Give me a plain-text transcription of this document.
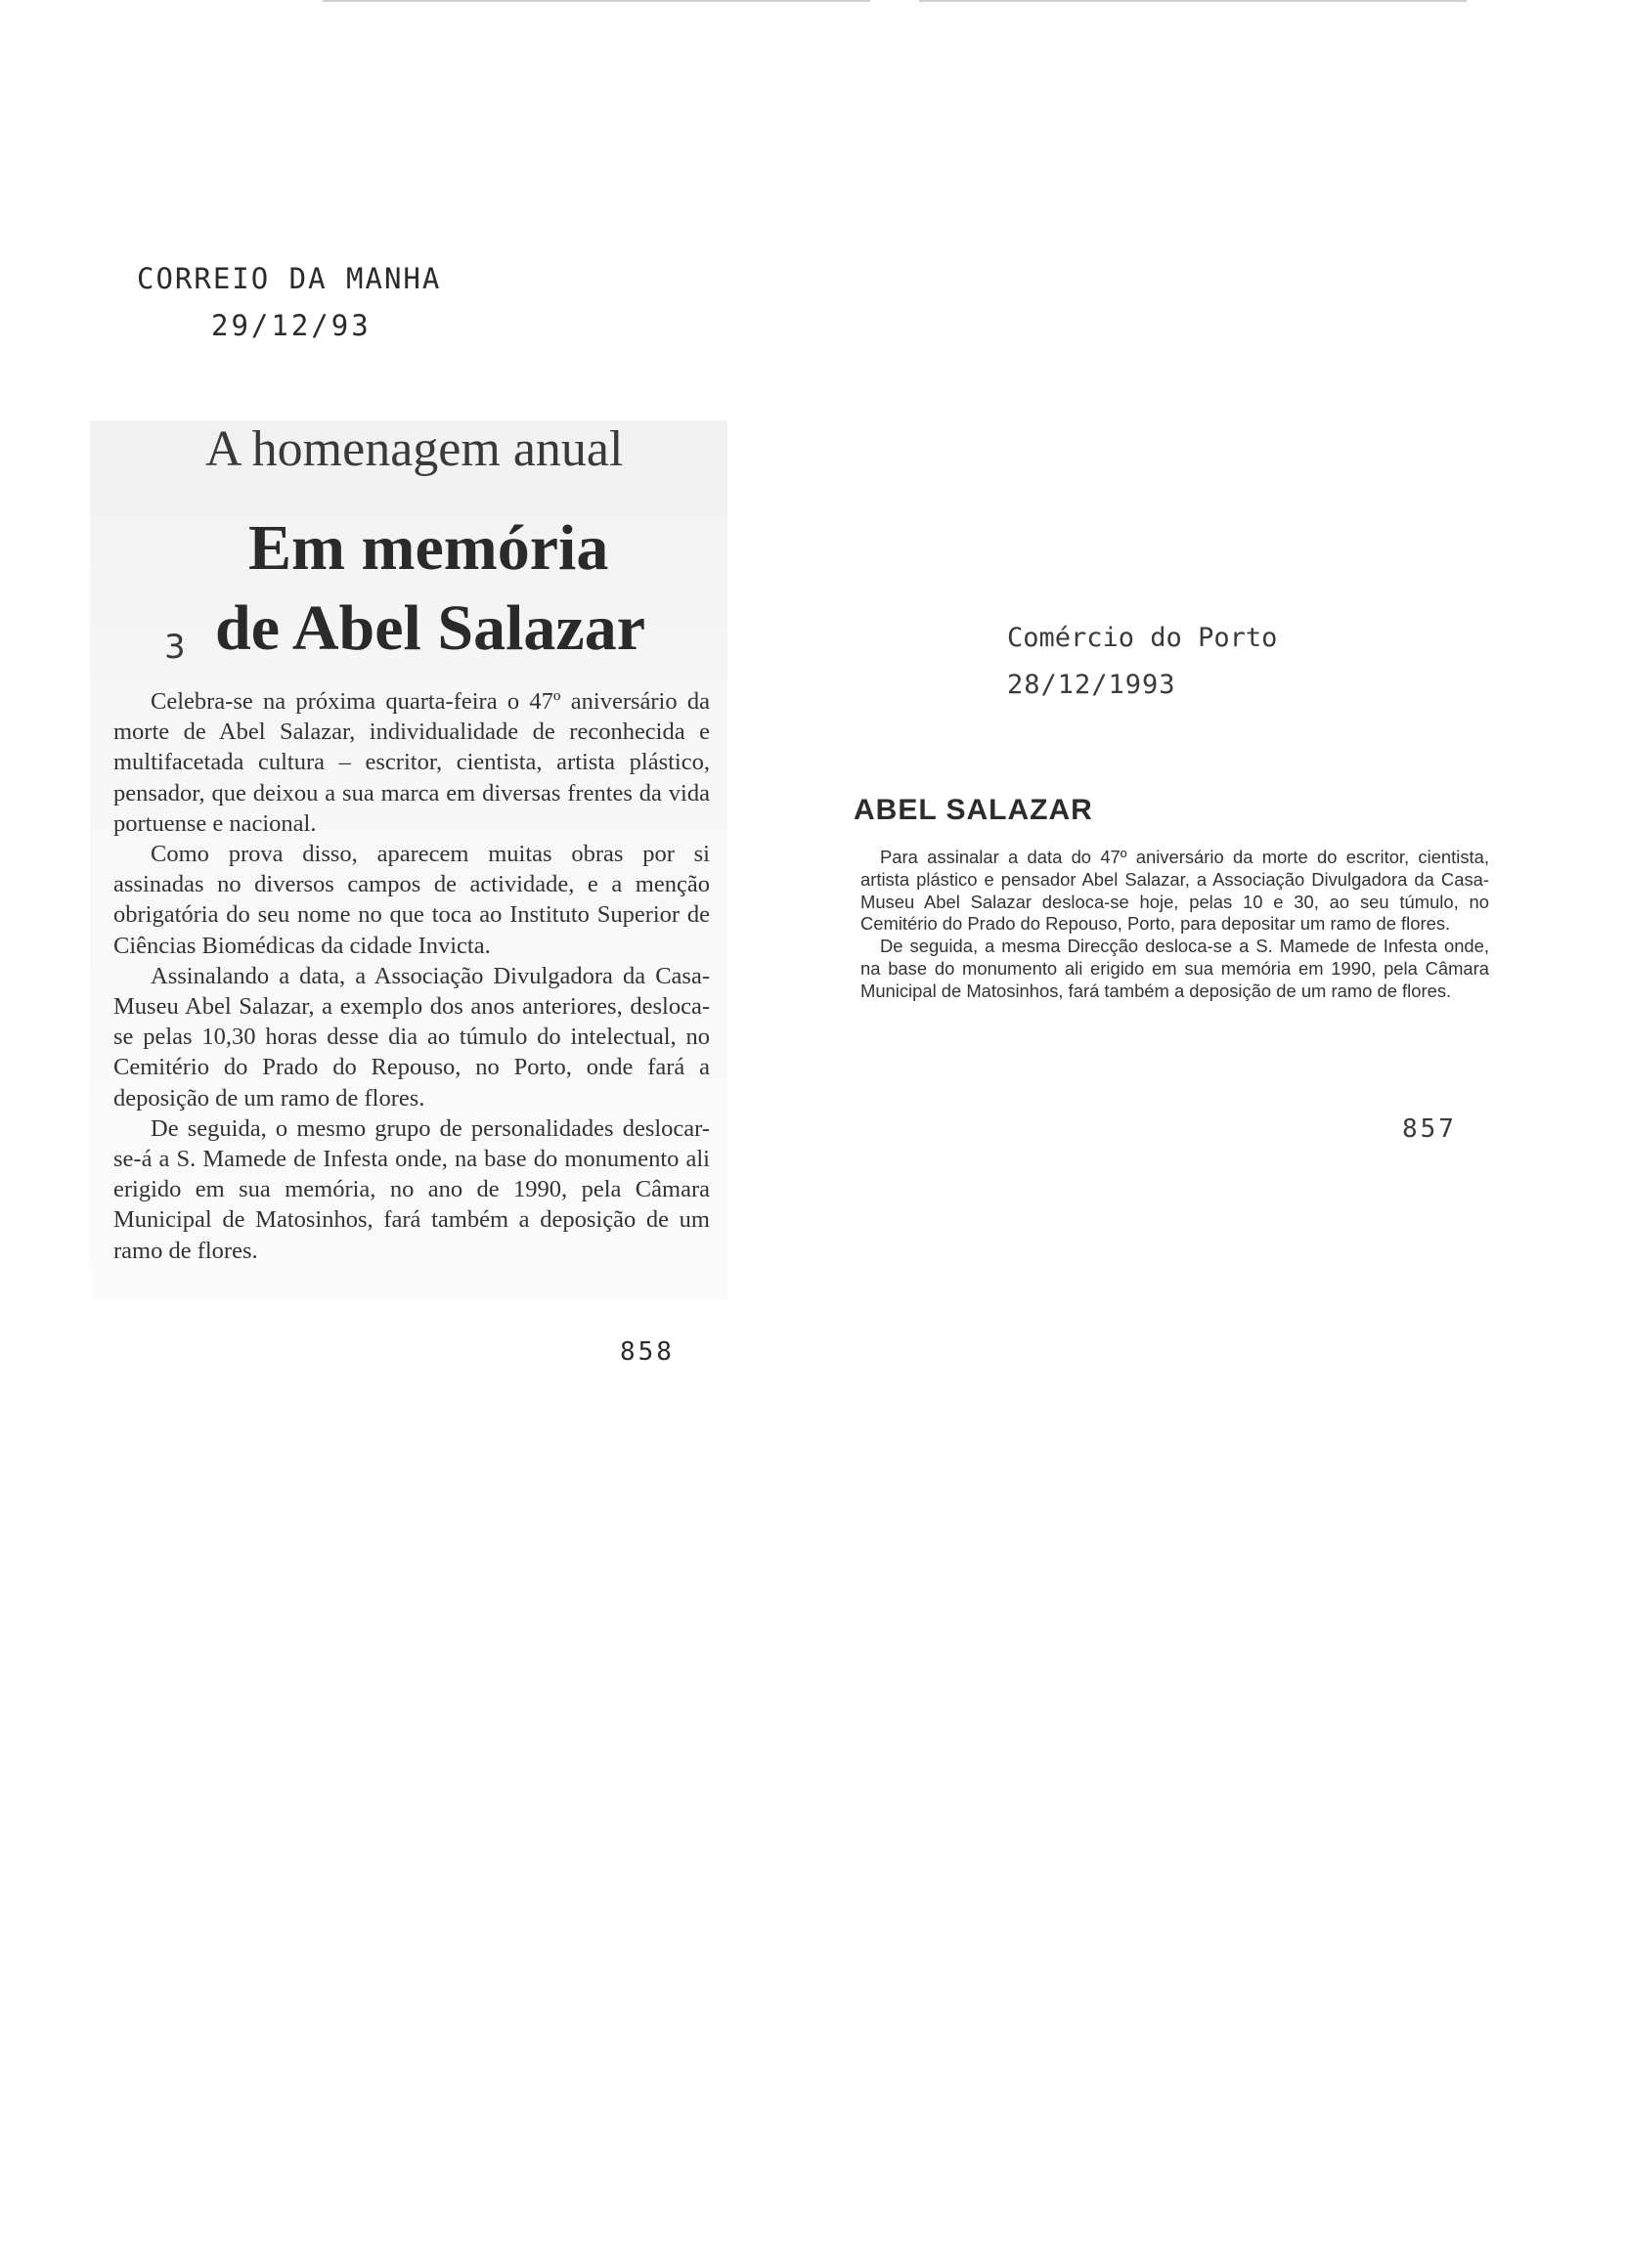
CORREIO DA MANHA
29/12/93
A homenagem anual
Em memória
de Abel Salazar
3

Celebra-se na próxima quarta-feira o 47º aniversário da morte de Abel Salazar, individualidade de reconhecida e multifacetada cultura – escritor, cientista, artista plástico, pensador, que deixou a sua marca em diversas frentes da vida portuense e nacional.

Como prova disso, aparecem muitas obras por si assinadas no diversos campos de actividade, e a menção obrigatória do seu nome no que toca ao Instituto Superior de Ciências Biomédicas da cidade Invicta.

Assinalando a data, a Associação Divulgadora da Casa-Museu Abel Salazar, a exemplo dos anos anteriores, desloca-se pelas 10,30 horas desse dia ao túmulo do intelectual, no Cemitério do Prado do Repouso, no Porto, onde fará a deposição de um ramo de flores.

De seguida, o mesmo grupo de personalidades deslocar-se-á a S. Mamede de Infesta onde, na base do monumento ali erigido em sua memória, no ano de 1990, pela Câmara Municipal de Matosinhos, fará também a deposição de um ramo de flores.

858
Comércio do Porto
28/12/1993
ABEL SALAZAR

Para assinalar a data do 47º aniversário da morte do escritor, cientista, artista plástico e pensador Abel Salazar, a Associação Divulgadora da Casa-Museu Abel Salazar desloca-se hoje, pelas 10 e 30, ao seu túmulo, no Cemitério do Prado do Repouso, Porto, para depositar um ramo de flores.

De seguida, a mesma Direcção desloca-se a S. Mamede de Infesta onde, na base do monumento ali erigido em sua memória em 1990, pela Câmara Municipal de Matosinhos, fará também a deposição de um ramo de flores.

857
